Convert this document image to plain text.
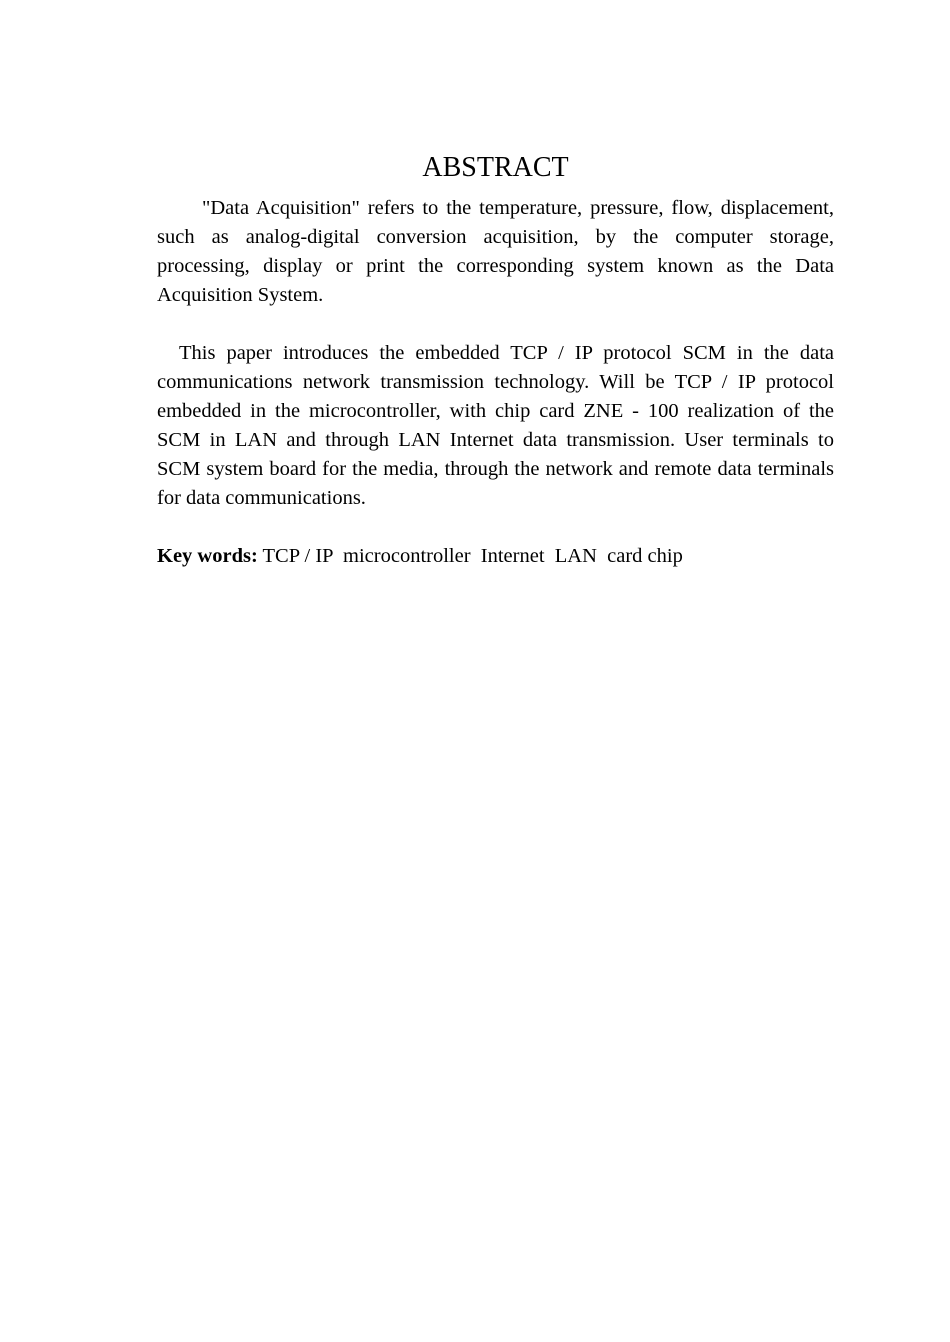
ABSTRACT

"Data Acquisition" refers to the temperature, pressure, flow, displacement, such as analog-digital conversion acquisition, by the computer storage, processing, display or print the corresponding system known as the Data Acquisition System.

This paper introduces the embedded TCP / IP protocol SCM in the data communications network transmission technology. Will be TCP / IP protocol embedded in the microcontroller, with chip card ZNE - 100 realization of the SCM in LAN and through LAN Internet data transmission. User terminals to SCM system board for the media, through the network and remote data terminals for data communications.

Key words: TCP / IP  microcontroller  Internet  LAN  card chip
